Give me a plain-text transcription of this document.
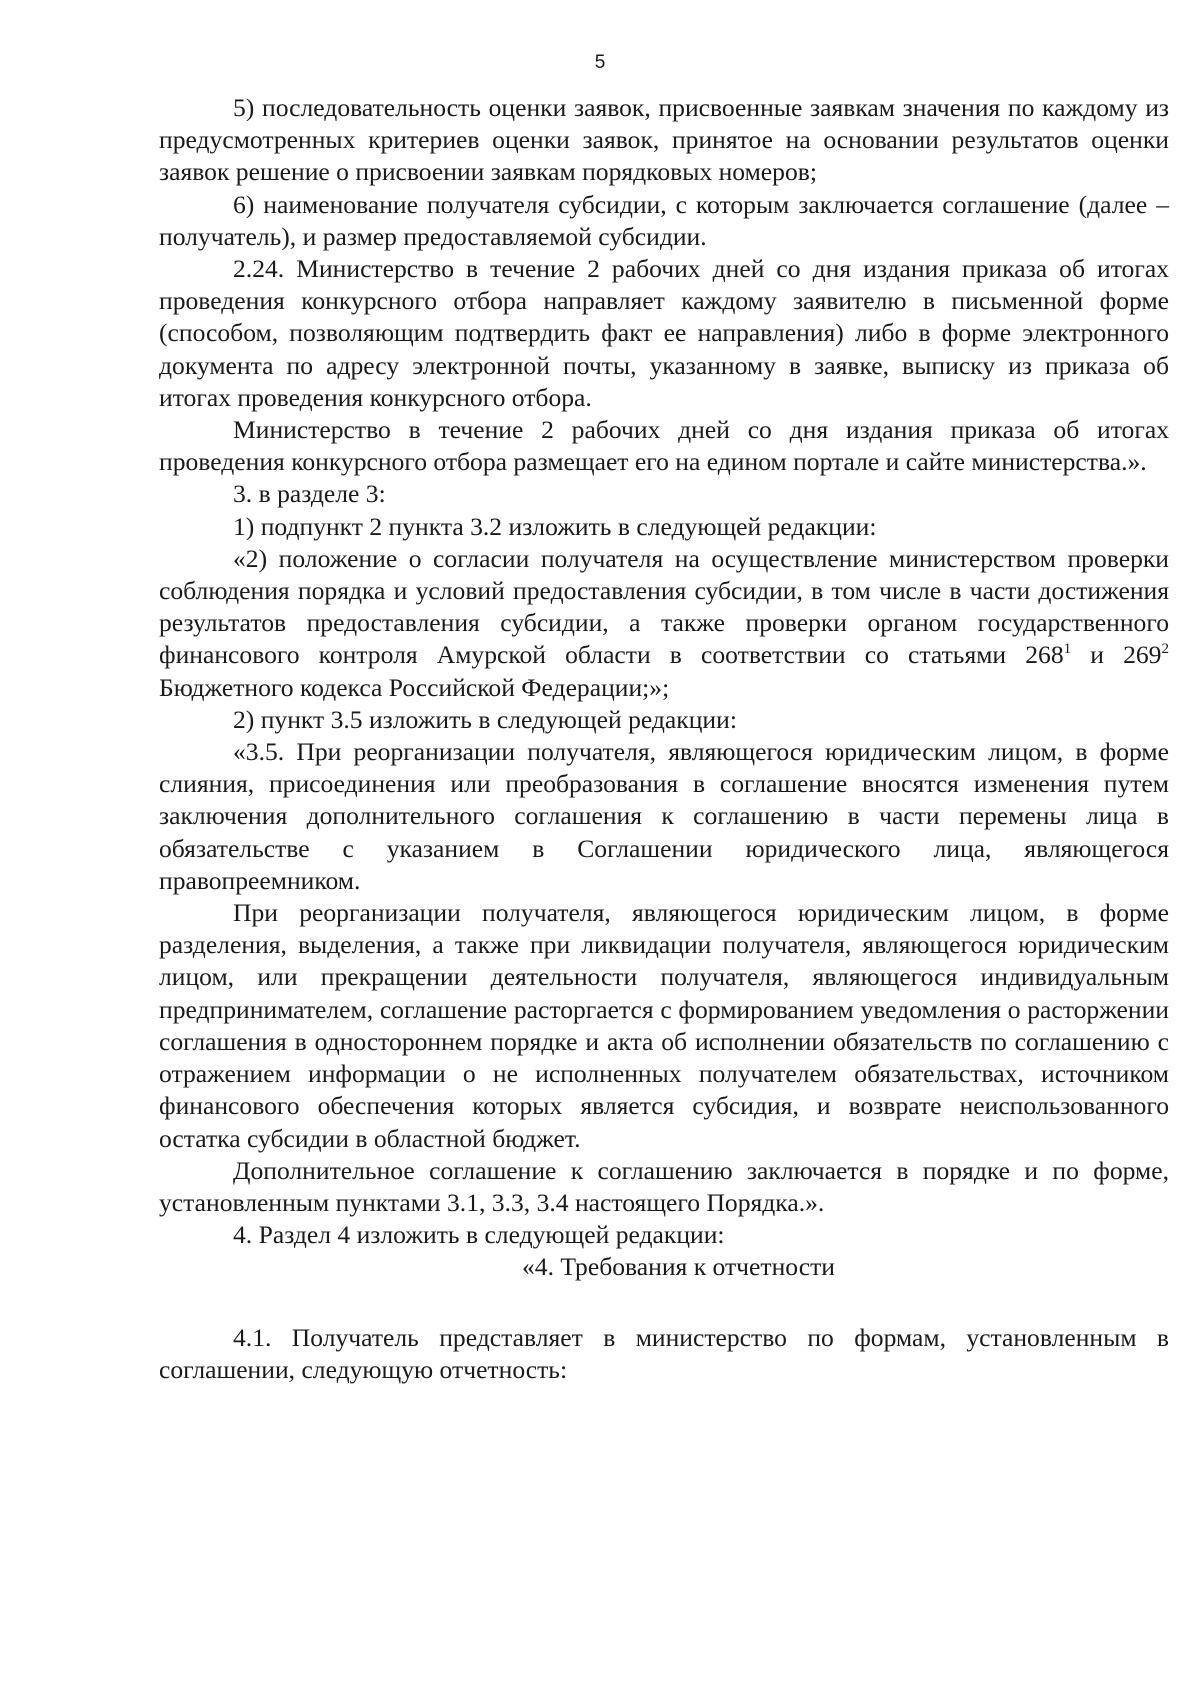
5

5) последовательность оценки заявок, присвоенные заявкам значения по каждому из предусмотренных критериев оценки заявок, принятое на основании результатов оценки заявок решение о присвоении заявкам порядковых номеров;

6) наименование получателя субсидии, с которым заключается соглашение (далее – получатель), и размер предоставляемой субсидии.

2.24. Министерство в течение 2 рабочих дней со дня издания приказа об итогах проведения конкурсного отбора направляет каждому заявителю в письменной форме (способом, позволяющим подтвердить факт ее направления) либо в форме электронного документа по адресу электронной почты, указанному в заявке, выписку из приказа об итогах проведения конкурсного отбора.

Министерство в течение 2 рабочих дней со дня издания приказа об итогах проведения конкурсного отбора размещает его на едином портале и сайте министерства.».

3. в разделе 3:

1) подпункт 2 пункта 3.2 изложить в следующей редакции:

«2) положение о согласии получателя на осуществление министерством проверки соблюдения порядка и условий предоставления субсидии, в том числе в части достижения результатов предоставления субсидии, а также проверки органом государственного финансового контроля Амурской области в соответствии со статьями $268^1$ и $269^2$ Бюджетного кодекса Российской Федерации;»;

2) пункт 3.5 изложить в следующей редакции:

«3.5. При реорганизации получателя, являющегося юридическим лицом, в форме слияния, присоединения или преобразования в соглашение вносятся изменения путем заключения дополнительного соглашения к соглашению в части перемены лица в обязательстве с указанием в Соглашении юридического лица, являющегося правопреемником.

При реорганизации получателя, являющегося юридическим лицом, в форме разделения, выделения, а также при ликвидации получателя, являющегося юридическим лицом, или прекращении деятельности получателя, являющегося индивидуальным предпринимателем, соглашение расторгается с формированием уведомления о расторжении соглашения в одностороннем порядке и акта об исполнении обязательств по соглашению с отражением информации о не исполненных получателем обязательствах, источником финансового обеспечения которых является субсидия, и возврате неиспользованного остатка субсидии в областной бюджет.

Дополнительное соглашение к соглашению заключается в порядке и по форме, установленным пунктами 3.1, 3.3, 3.4 настоящего Порядка.».

4. Раздел 4 изложить в следующей редакции:

«4. Требования к отчетности

4.1. Получатель представляет в министерство по формам, установленным в соглашении, следующую отчетность:
